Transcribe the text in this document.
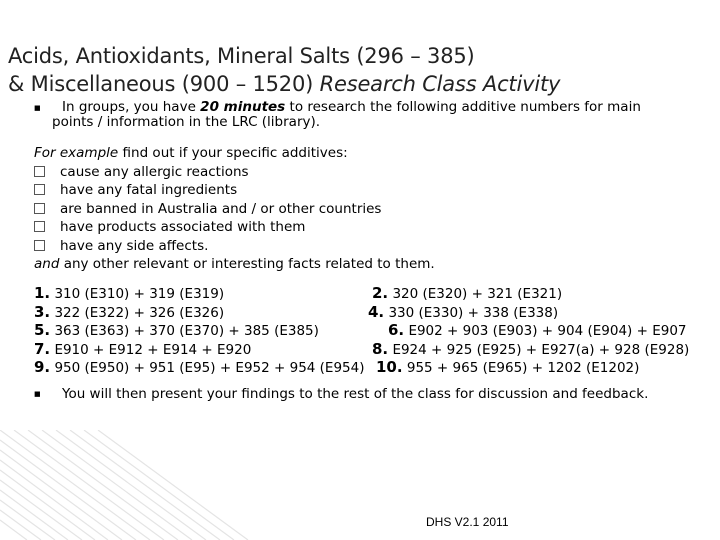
Acids, Antioxidants, Mineral Salts (296 – 385)
& Miscellaneous (900 – 1520) Research Class Activity
■	In groups, you have 20 minutes to research the following additive numbers for main
points / information in the LRC (library).
For example find out if your specific additives:
cause any allergic reactions
have any fatal ingredients
are banned in Australia and / or other countries
have products associated with them
have any side affects.
and any other relevant or interesting facts related to them.
1. 310 (E310) + 319 (E319)	2. 320 (E320) + 321 (E321)
3. 322 (E322) + 326 (E326)	4. 330 (E330) + 338 (E338)
5. 363 (E363) + 370 (E370) + 385 (E385)	6. E902 + 903 (E903) + 904 (E904) + E907
7. E910 + E912 + E914 + E920	8. E924 + 925 (E925) + E927(a) + 928 (E928)
9. 950 (E950) + 951 (E95) + E952 + 954 (E954) 10. 955 + 965 (E965) + 1202 (E1202)
■ You will then present your findings to the rest of the class for discussion and feedback.
DHS V2.1 2011
